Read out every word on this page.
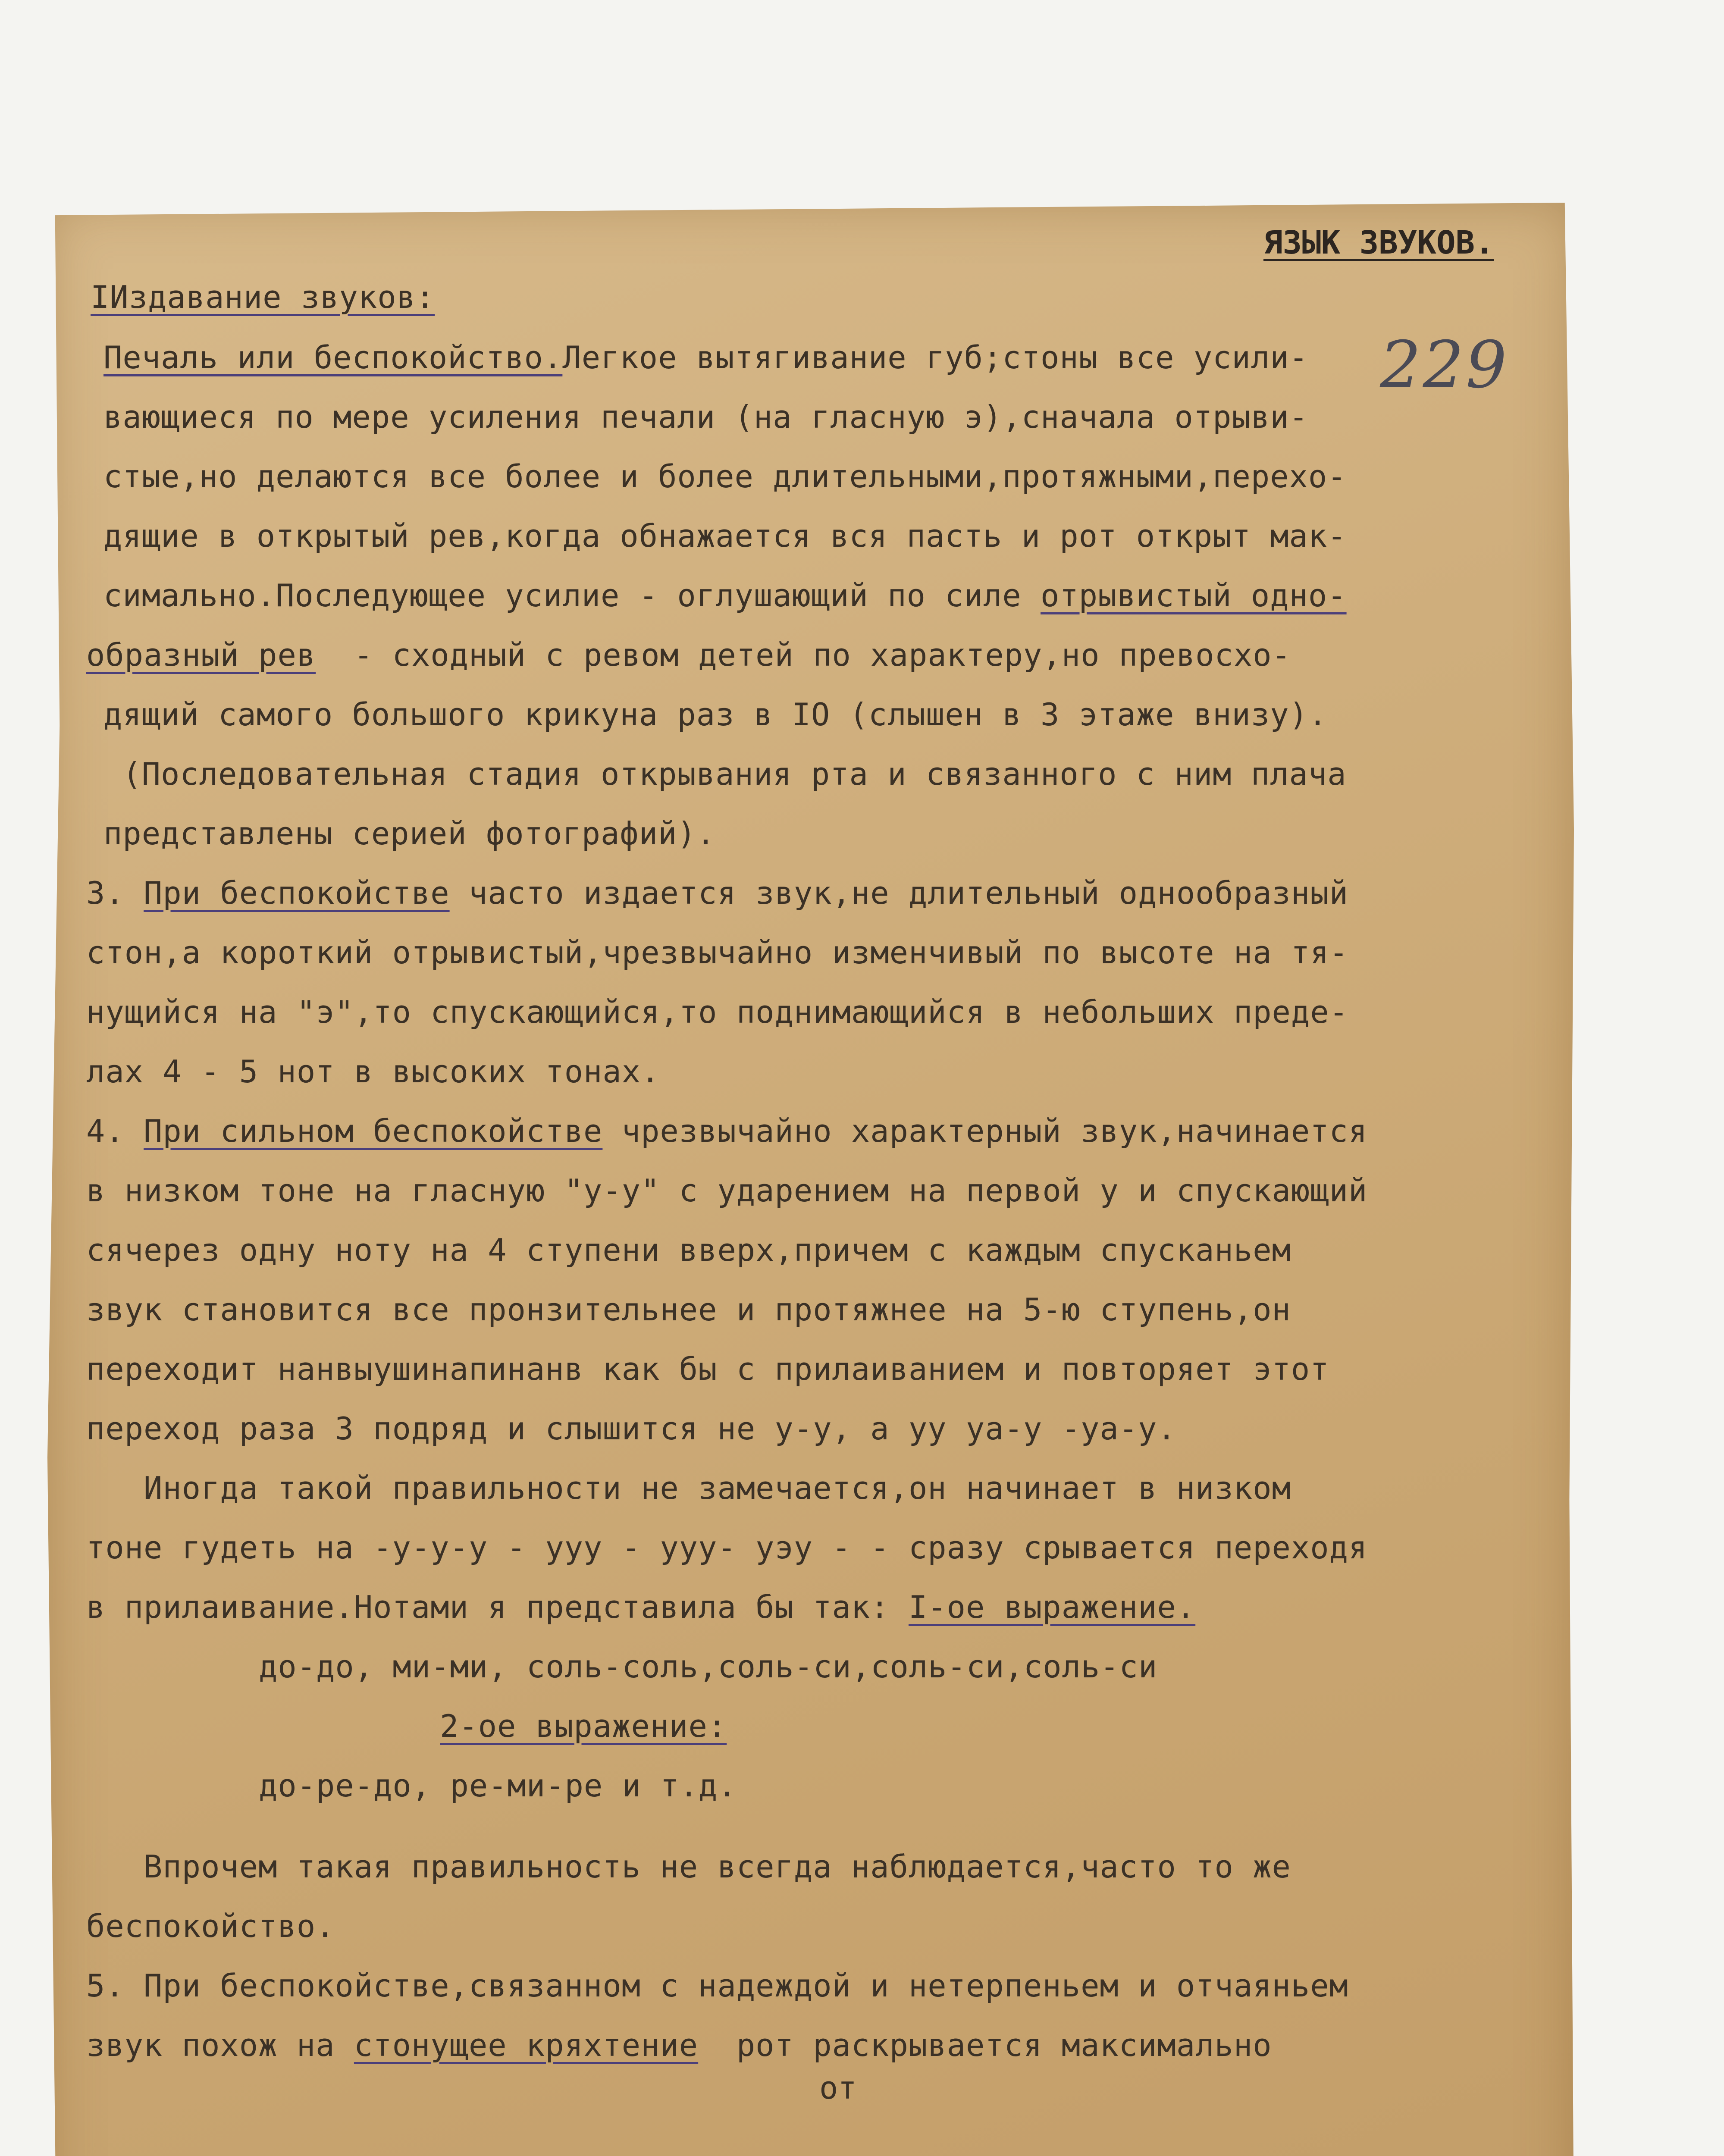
ЯЗЫК ЗВУКОВ.
229

IИздавание звуков:

Печаль или беспокойство.Легкое вытягивание губ;стоны все усили-

вающиеся по мере усиления печали (на гласную э),сначала отрыви-

стые,но делаются все более и более длительными,протяжными,перехо-

дящие в открытый рев,когда обнажается вся пасть и рот открыт мак-

симально.Последующее усилие - оглушающий по силе отрывистый одно-

образный рев  - сходный с ревом детей по характеру,но превосхо-

дящий самого большого крикуна раз в IO (слышен в 3 этаже внизу).

(Последовательная стадия открывания рта и связанного с ним плача

представлены серией фотографий).

3. При беспокойстве часто издается звук,не длительный однообразный

стон,а короткий отрывистый,чрезвычайно изменчивый по высоте на тя-

нущийся на "э",то спускающийся,то поднимающийся в небольших преде-

лах 4 - 5 нот в высоких тонах.

4. При сильном беспокойстве чрезвычайно характерный звук,начинается

в низком тоне на гласную "у-у" с ударением на первой у и спускающий

сячерез одну ноту на 4 ступени вверх,причем с каждым спусканьем

звук становится все пронзительнее и протяжнее на 5-ю ступень,он

переходит нанвыушинапинанв как бы с прилаиванием и повторяет этот

переход раза 3 подряд и слышится не у-у, а уу уа-у -уа-у.

Иногда такой правильности не замечается,он начинает в низком

тоне гудеть на -у-у-у - ууу - ууу- уэу - - сразу срывается переходя

в прилаивание.Нотами я представила бы так: I-ое выражение.

до-до, ми-ми, соль-соль,соль-си,соль-си,соль-си

2-ое выражение:

до-ре-до, ре-ми-ре и т.д.

Впрочем такая правильность не всегда наблюдается,часто то же

беспокойство.

5. При беспокойстве,связанном с надеждой и нетерпеньем и отчаяньем

звук похож на стонущее кряхтение  рот раскрывается максимально

от
